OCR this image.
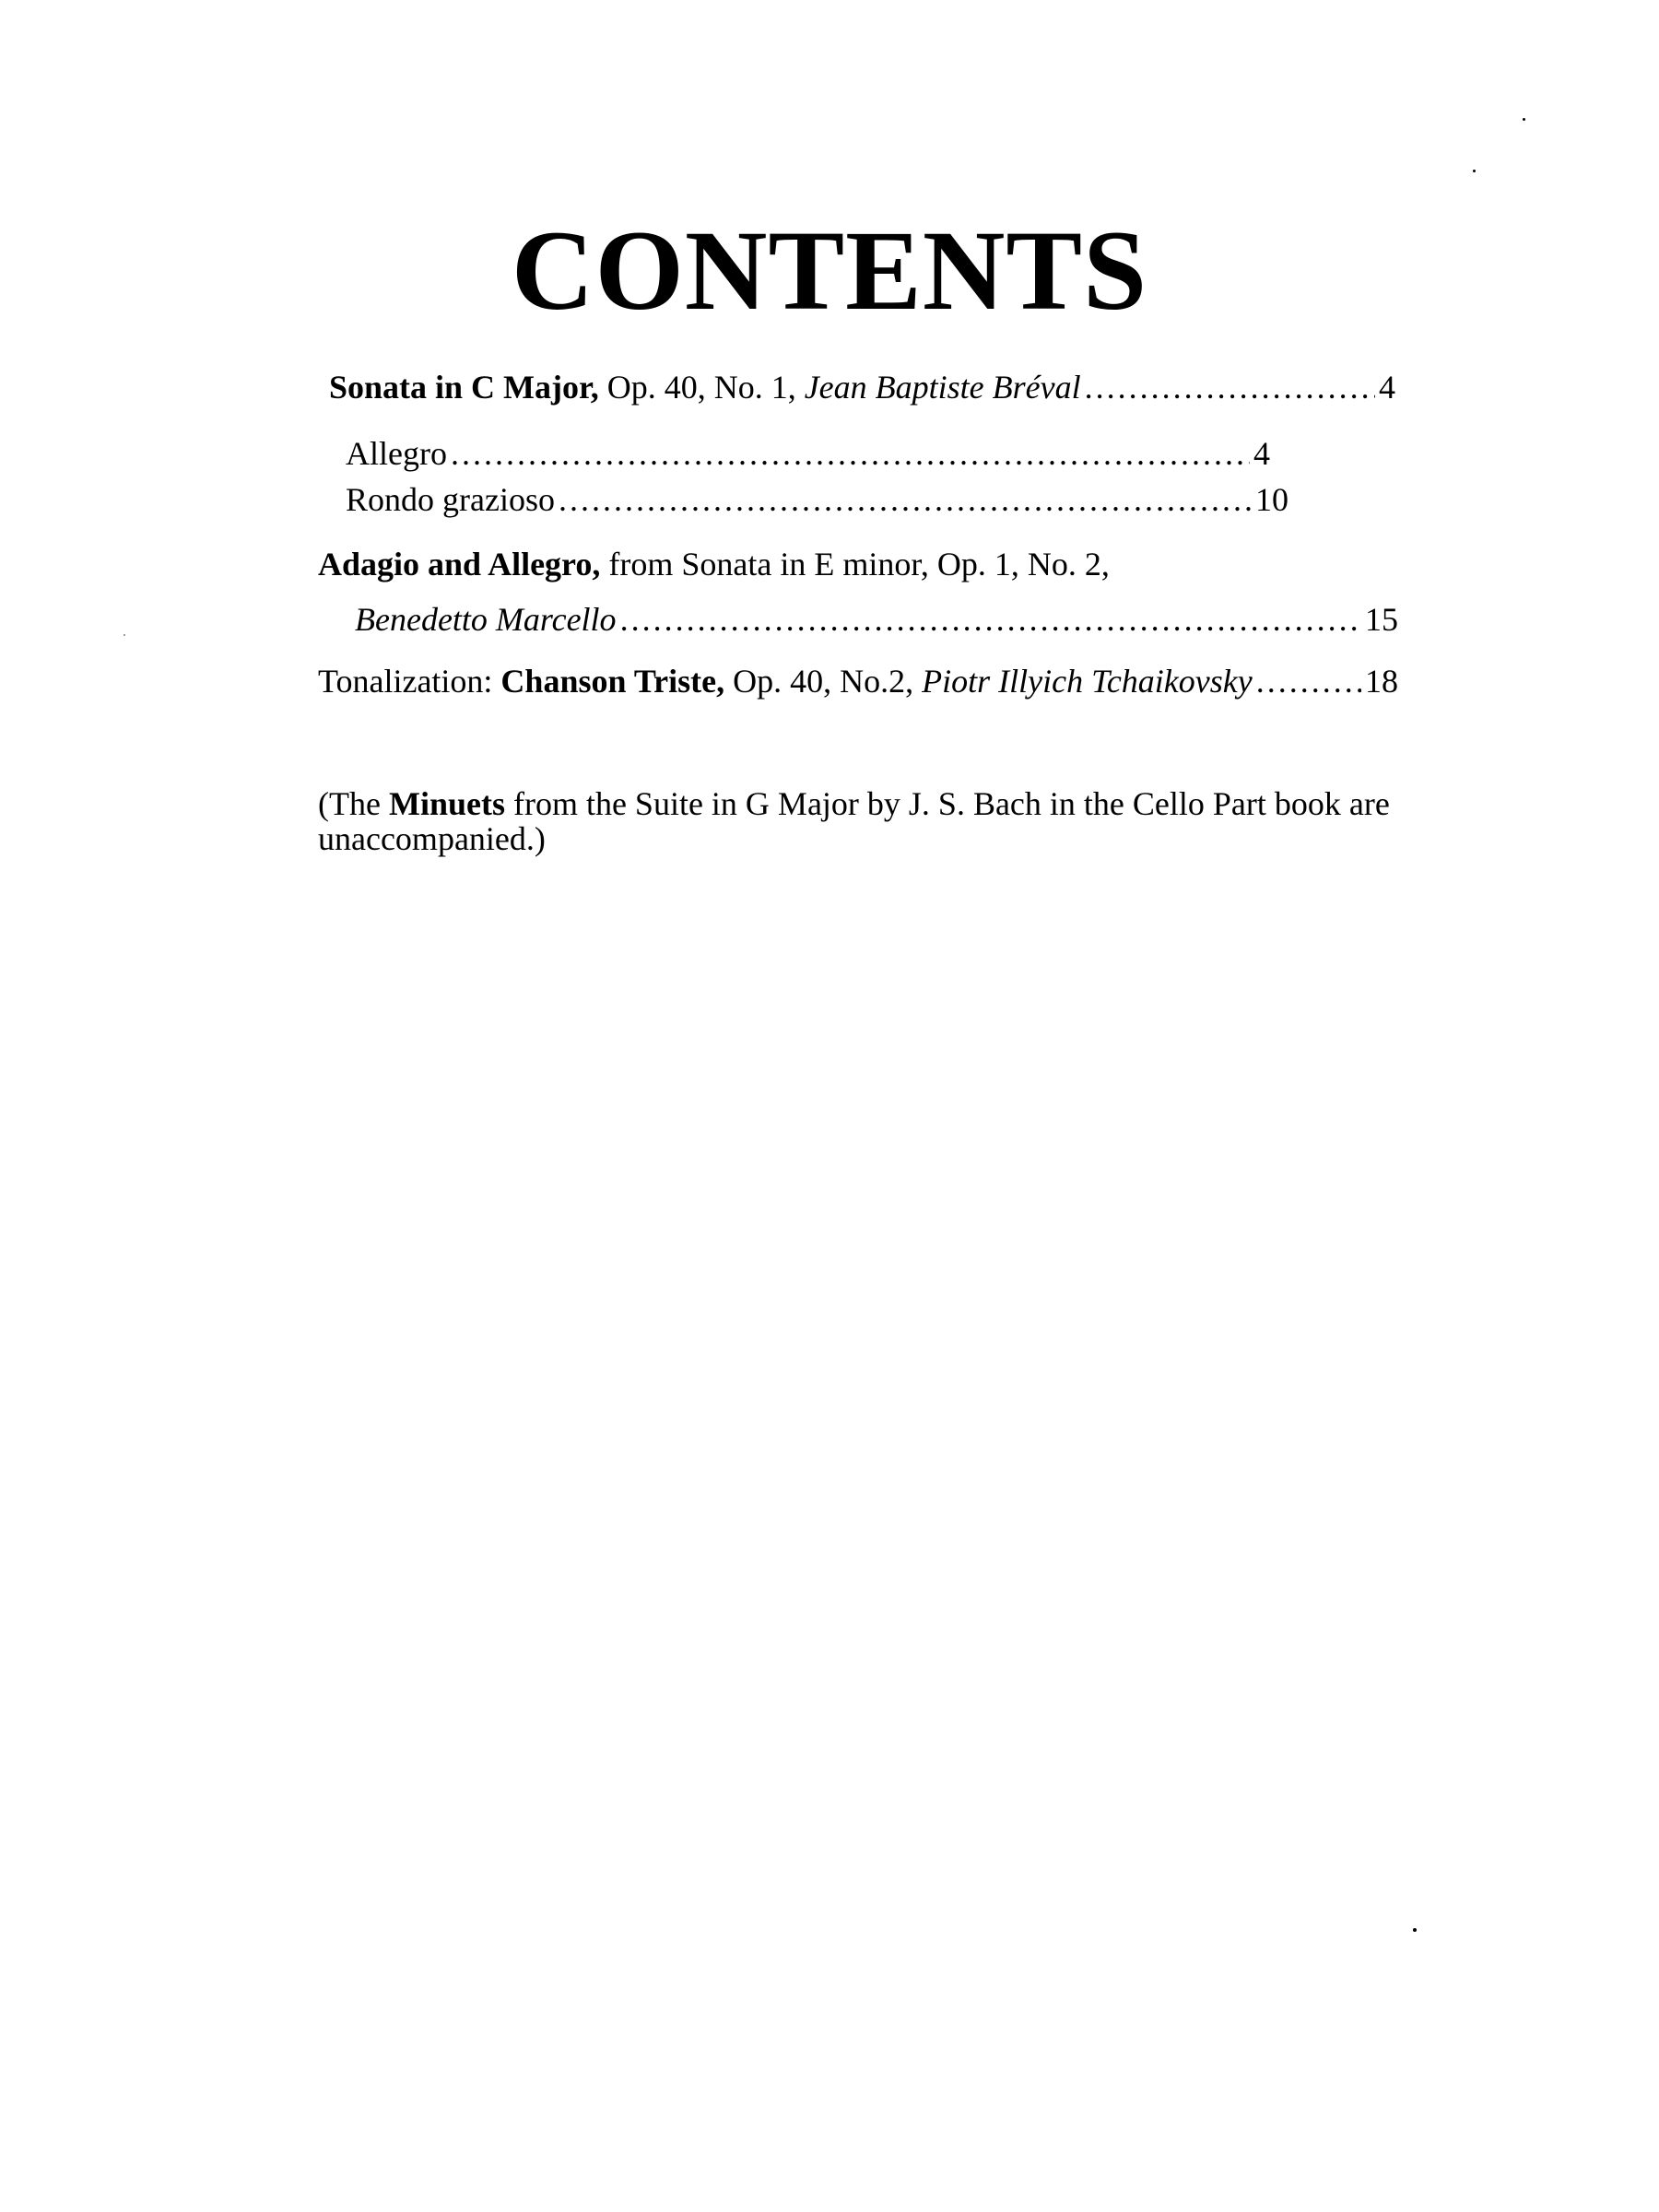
CONTENTS
Sonata in C Major, Op. 40, No. 1, Jean Baptiste Bréval .....	4
Allegro .....	4
Rondo grazioso .....	10
Adagio and Allegro, from Sonata in E minor, Op. 1, No. 2,
Benedetto Marcello .....	15
Tonalization: Chanson Triste, Op. 40, No.2, Piotr Illyich Tchaikovsky .....	18
(The Minuets from the Suite in G Major by J. S. Bach in the Cello Part book are unaccompanied.)
